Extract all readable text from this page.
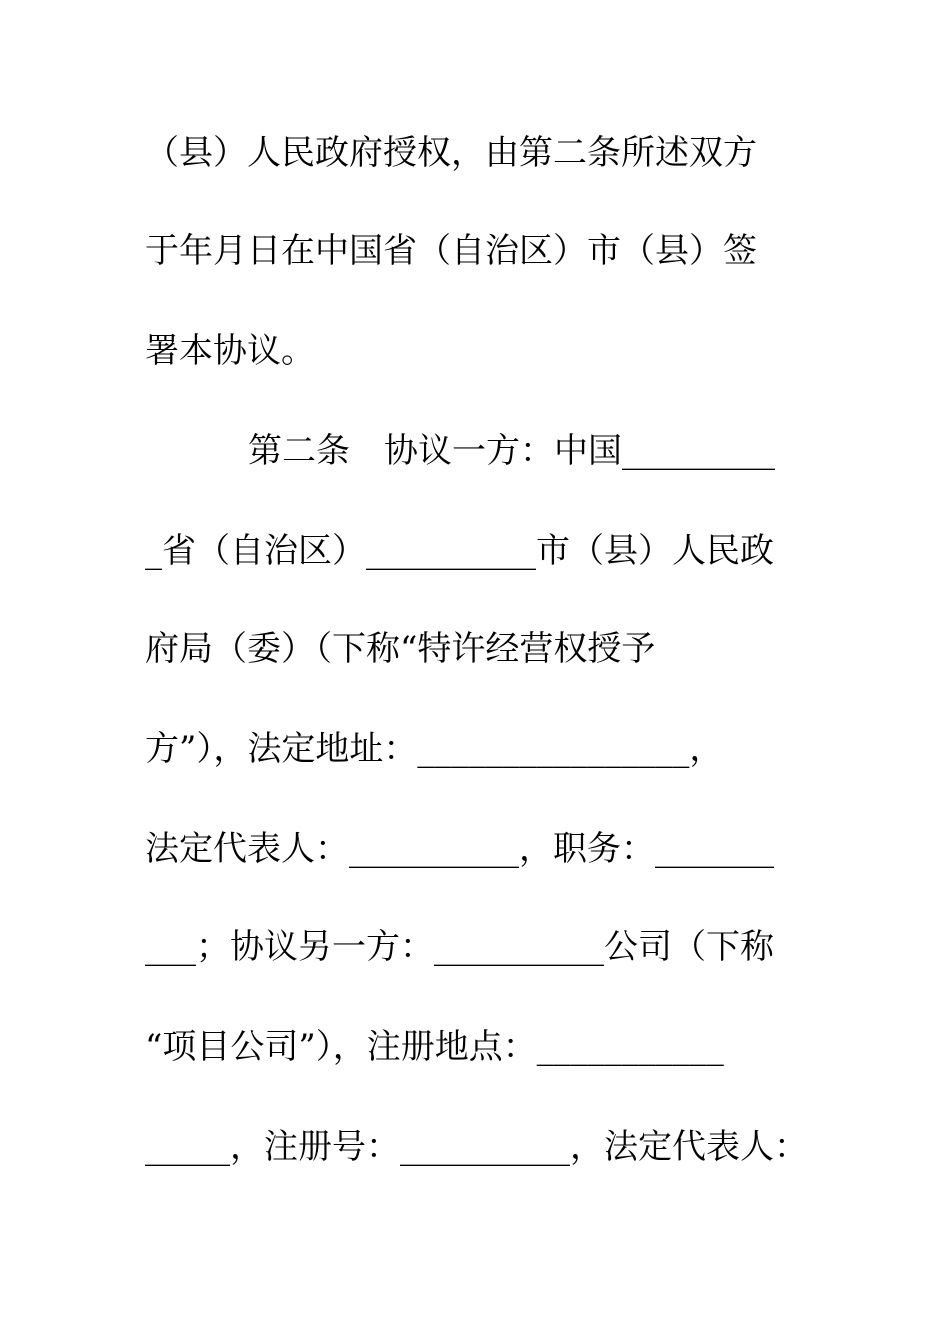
（县）人民政府授权，由第二条所述双方
于年月日在中国省（自治区）市（县）签
署本协议。
第二条　协议一方：中国_________
_省（自治区）__________市（县）人民政
府局（委）（下称“特许经营权授予
方”），法定地址：________________，
法定代表人：__________，职务：_______
___；协议另一方：__________公司（下称
“项目公司”），注册地点：___________
_____，注册号：__________，法定代表人：
